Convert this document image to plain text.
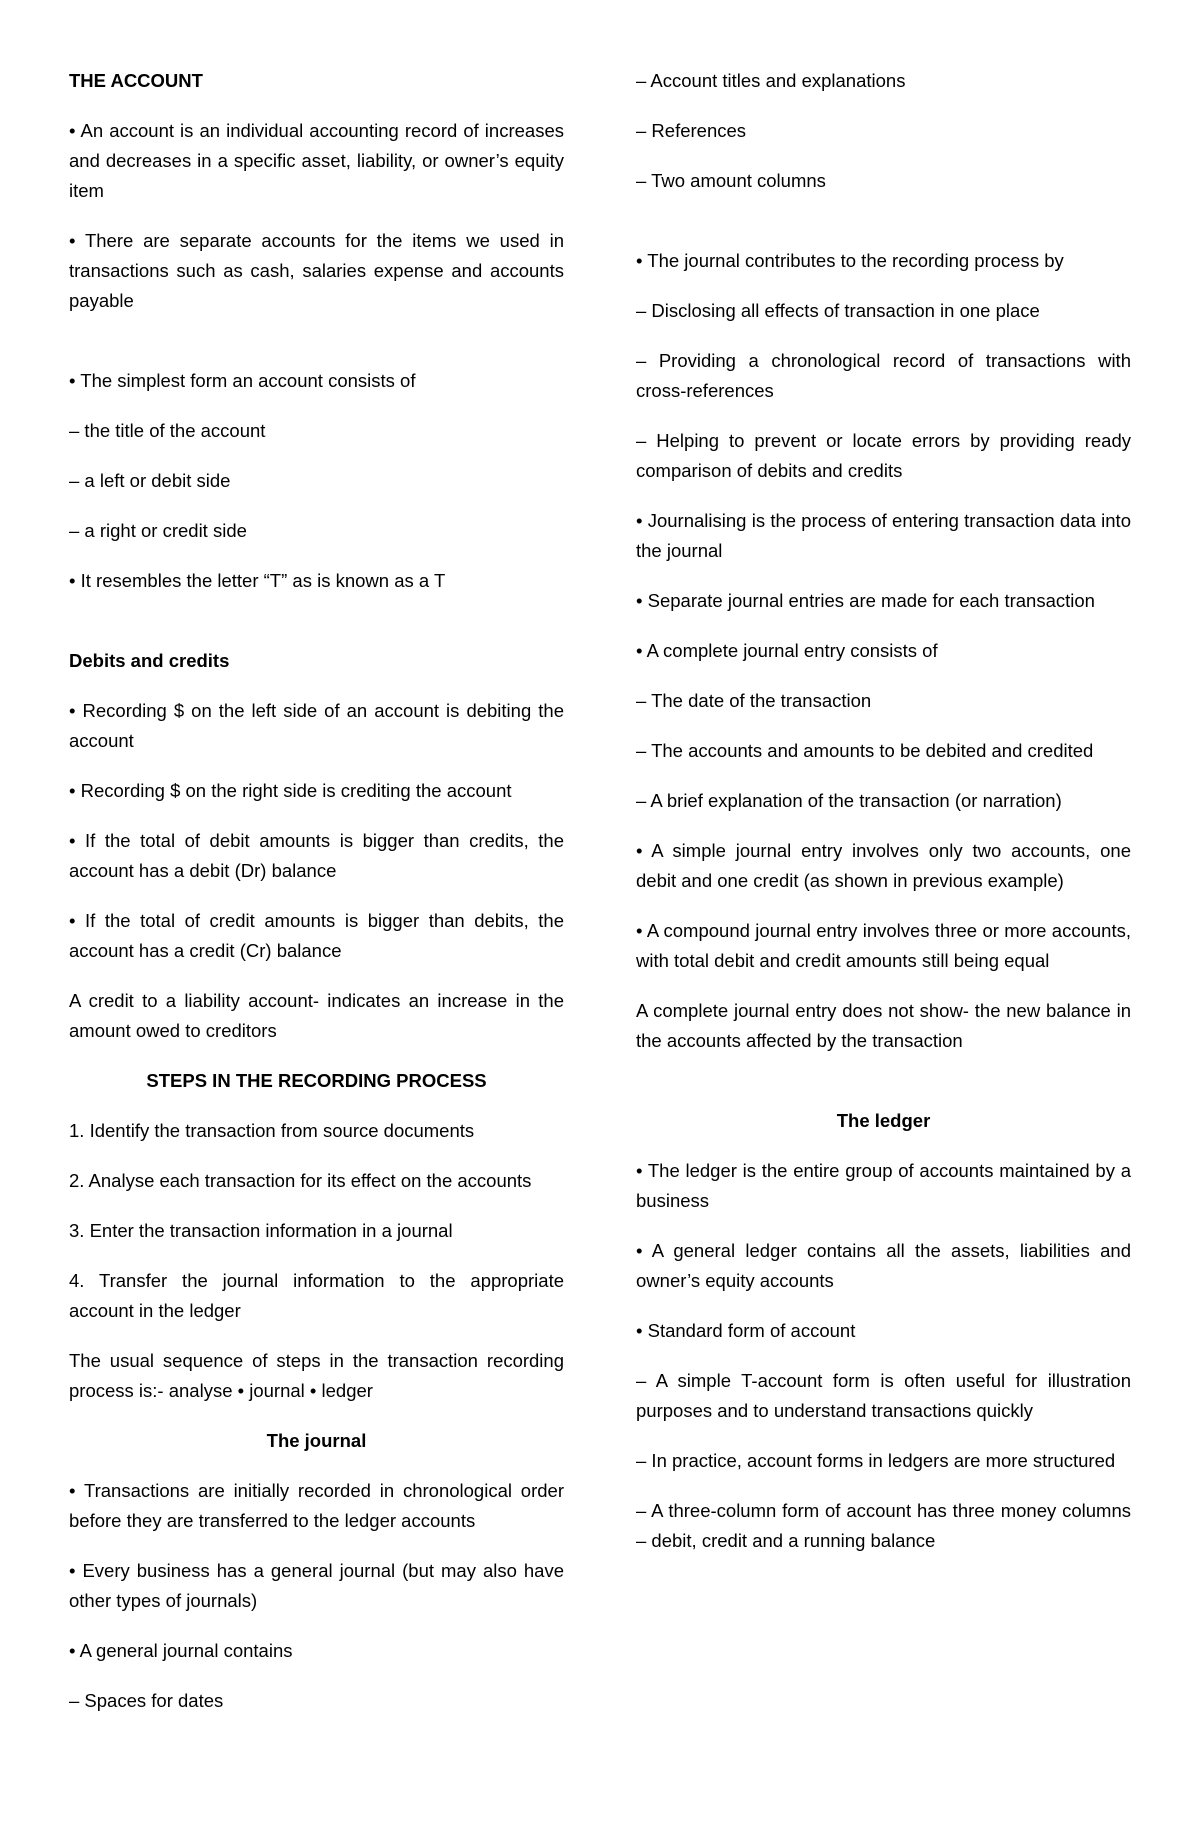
THE ACCOUNT

• An account is an individual accounting record of increases and decreases in a specific asset, liability, or owner’s equity item

• There are separate accounts for the items we used in transactions such as cash, salaries expense and accounts payable

• The simplest form an account consists of

– the title of the account

– a left or debit side

– a right or credit side

• It resembles the letter “T” as is known as a T

Debits and credits

• Recording $ on the left side of an account is debiting the account

• Recording $ on the right side is crediting the account

• If the total of debit amounts is bigger than credits, the account has a debit (Dr) balance

• If the total of credit amounts is bigger than debits, the account has a credit (Cr) balance

A credit to a liability account- indicates an increase in the amount owed to creditors

STEPS IN THE RECORDING PROCESS

1. Identify the transaction from source documents

2. Analyse each transaction for its effect on the accounts

3. Enter the transaction information in a journal

4. Transfer the journal information to the appropriate account in the ledger

The usual sequence of steps in the transaction recording process is:- analyse • journal • ledger

The journal

• Transactions are initially recorded in chronological order before they are transferred to the ledger accounts

• Every business has a general journal (but may also have other types of journals)

• A general journal contains

– Spaces for dates

– Account titles and explanations

– References

– Two amount columns

• The journal contributes to the recording process by

– Disclosing all effects of transaction in one place

– Providing a chronological record of transactions with cross-references

– Helping to prevent or locate errors by providing ready comparison of debits and credits

• Journalising is the process of entering transaction data into the journal

• Separate journal entries are made for each transaction

• A complete journal entry consists of

– The date of the transaction

– The accounts and amounts to be debited and credited

– A brief explanation of the transaction (or narration)

• A simple journal entry involves only two accounts, one debit and one credit (as shown in previous example)

• A compound journal entry involves three or more accounts, with total debit and credit amounts still being equal

A complete journal entry does not show- the new balance in the accounts affected by the transaction

The ledger

• The ledger is the entire group of accounts maintained by a business

• A general ledger contains all the assets, liabilities and owner’s equity accounts

• Standard form of account

– A simple T-account form is often useful for illustration purposes and to understand transactions quickly

– In practice, account forms in ledgers are more structured

– A three-column form of account has three money columns – debit, credit and a running balance
